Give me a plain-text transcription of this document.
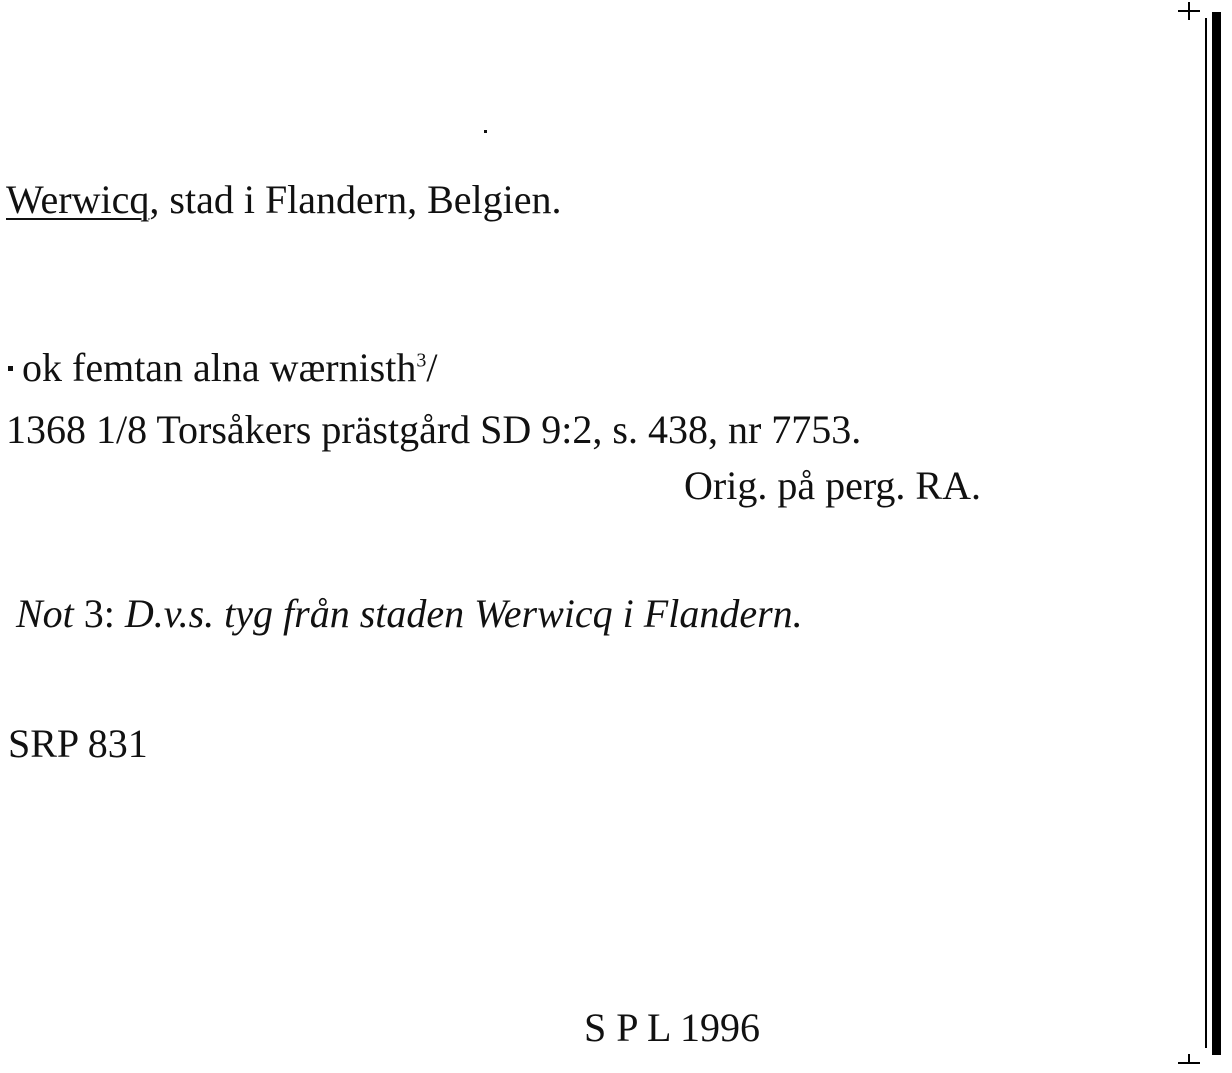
Werwicq, stad i Flandern, Belgien.
ok femtan alna wærnisth$^3$/
1368 1/8 Torsåkers prästgård SD 9:2, s. 438, nr 7753.
Orig. på perg. RA.
Not 3: D.v.s. tyg från staden Werwicq i Flandern.
SRP 831
S P L 1996
